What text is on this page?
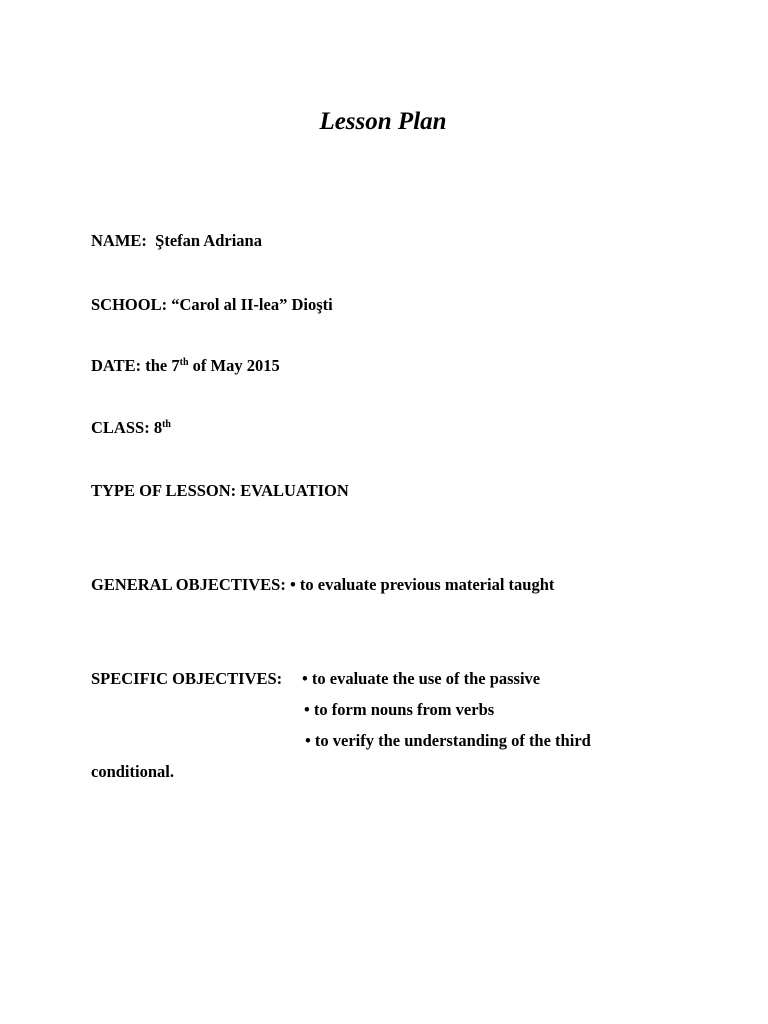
Lesson Plan
NAME: Ştefan Adriana
SCHOOL: “Carol al II-lea” Dioşti
DATE: the 7th of May 2015
CLASS: 8th
TYPE OF LESSON: EVALUATION
GENERAL OBJECTIVES: • to evaluate previous material taught
SPECIFIC OBJECTIVES: • to evaluate the use of the passive
• to form nouns from verbs
• to verify the understanding of the third
conditional.
